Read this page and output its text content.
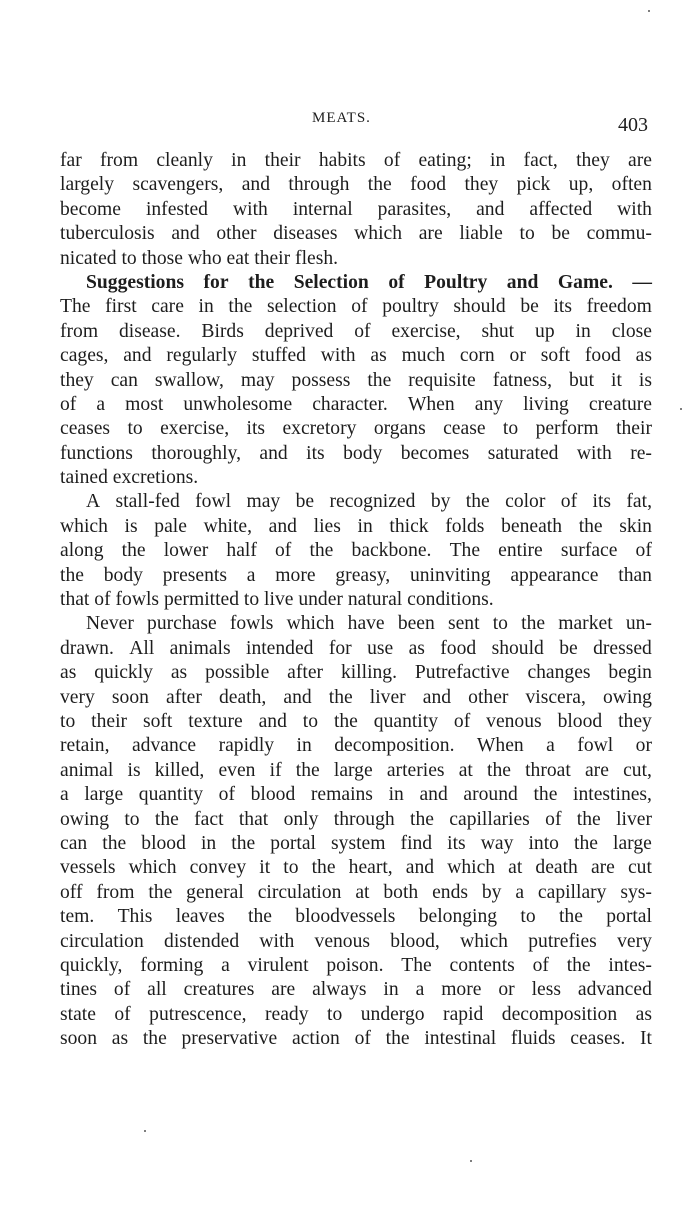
MEATS.	403
far from cleanly in their habits of eating; in fact, they are
largely scavengers, and through the food they pick up, often
become infested with internal parasites, and affected with
tuberculosis and other diseases which are liable to be commu-
nicated to those who eat their flesh.
Suggestions for the Selection of Poultry and Game. —
The first care in the selection of poultry should be its freedom
from disease. Birds deprived of exercise, shut up in close
cages, and regularly stuffed with as much corn or soft food as
they can swallow, may possess the requisite fatness, but it is
of a most unwholesome character. When any living creature
ceases to exercise, its excretory organs cease to perform their
functions thoroughly, and its body becomes saturated with re-
tained excretions.
A stall-fed fowl may be recognized by the color of its fat,
which is pale white, and lies in thick folds beneath the skin
along the lower half of the backbone. The entire surface of
the body presents a more greasy, uninviting appearance than
that of fowls permitted to live under natural conditions.
Never purchase fowls which have been sent to the market un-
drawn. All animals intended for use as food should be dressed
as quickly as possible after killing. Putrefactive changes begin
very soon after death, and the liver and other viscera, owing
to their soft texture and to the quantity of venous blood they
retain, advance rapidly in decomposition. When a fowl or
animal is killed, even if the large arteries at the throat are cut,
a large quantity of blood remains in and around the intestines,
owing to the fact that only through the capillaries of the liver
can the blood in the portal system find its way into the large
vessels which convey it to the heart, and which at death are cut
off from the general circulation at both ends by a capillary sys-
tem. This leaves the bloodvessels belonging to the portal
circulation distended with venous blood, which putrefies very
quickly, forming a virulent poison. The contents of the intes-
tines of all creatures are always in a more or less advanced
state of putrescence, ready to undergo rapid decomposition as
soon as the preservative action of the intestinal fluids ceases. It
